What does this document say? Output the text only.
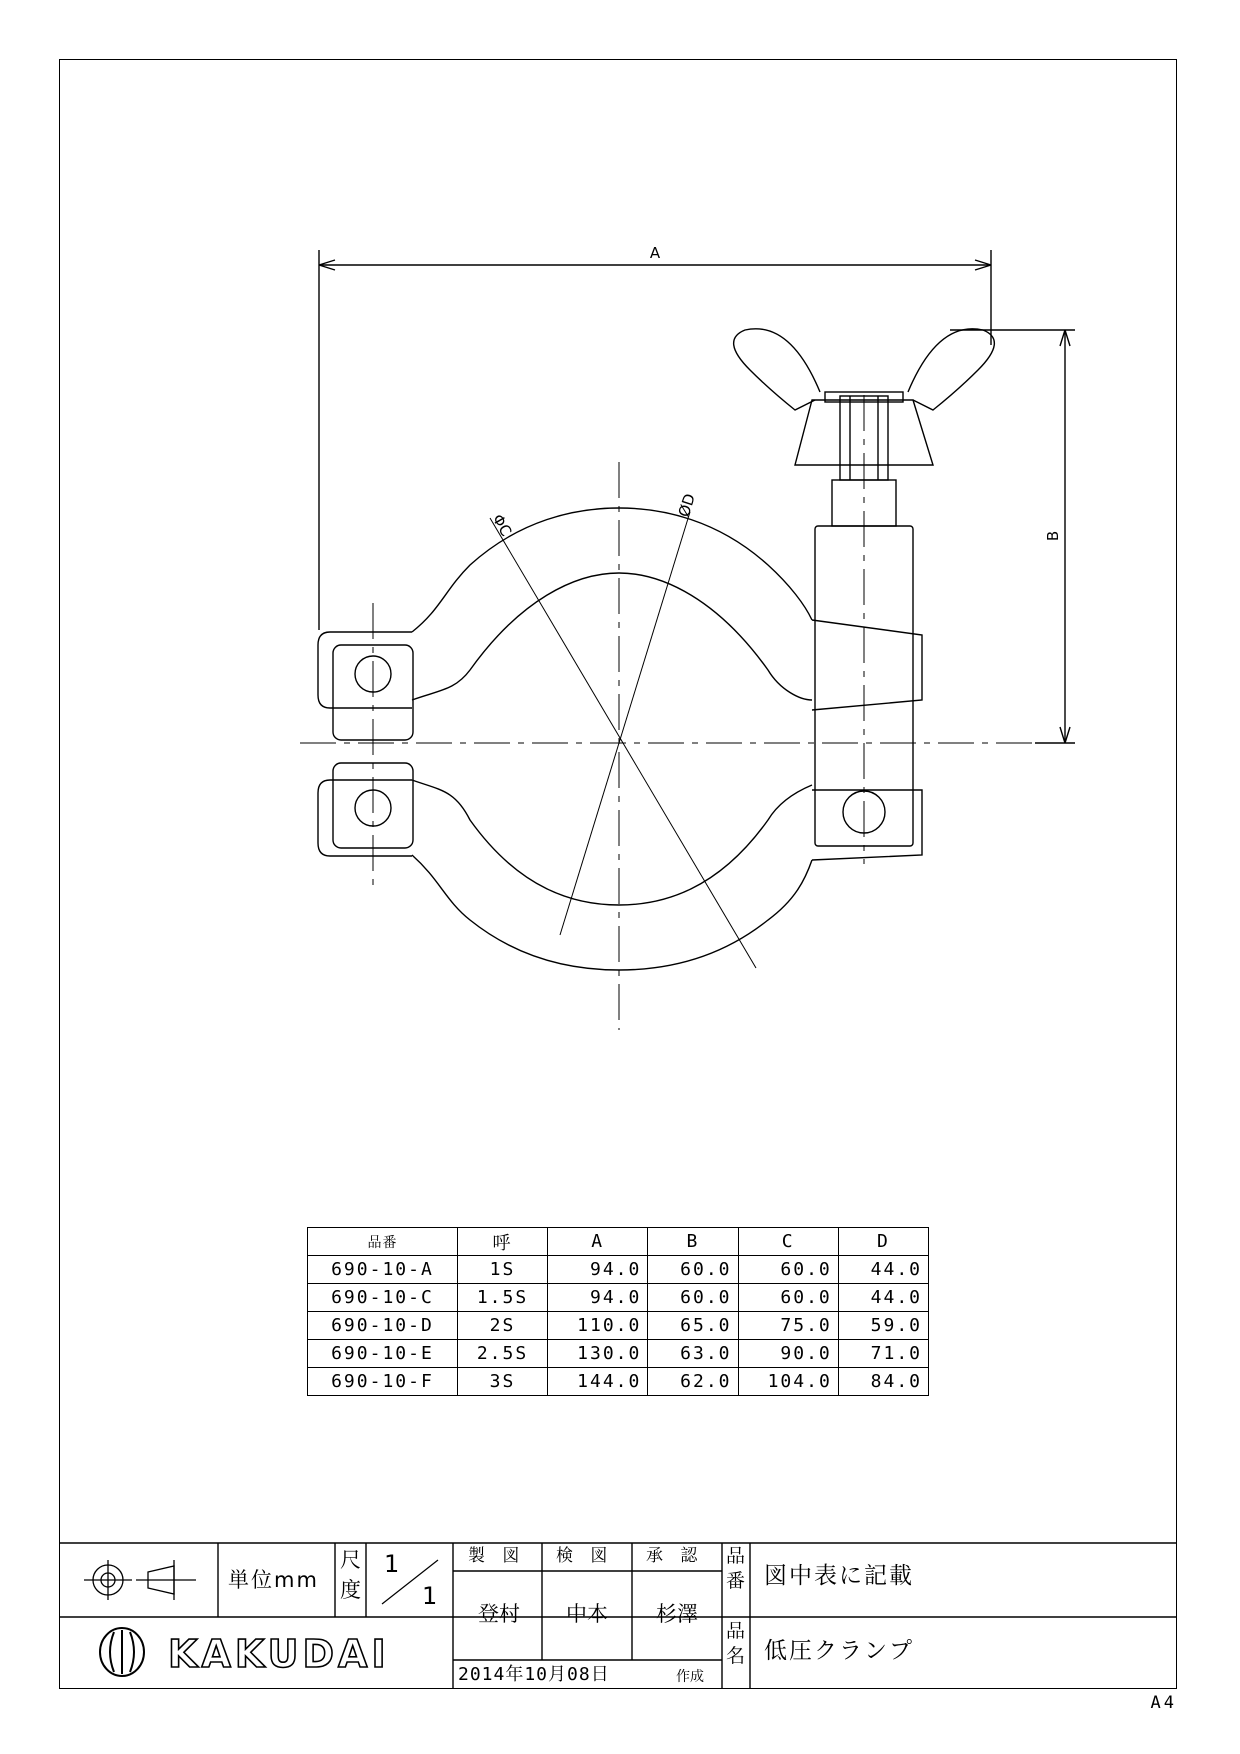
A
B
ΦC
ØD
KAKUDAI
A4
品番	呼	A	B	C	D
690-10-A	1S	94.0	60.0	60.0	44.0
690-10-C	1.5S	94.0	60.0	60.0	44.0
690-10-D	2S	110.0	65.0	75.0	59.0
690-10-E	2.5S	130.0	63.0	90.0	71.0
690-10-F	3S	144.0	62.0	104.0	84.0
単位mm
尺
度
1
1
製 図 検 図 承 認
登村 中本 杉澤
2014年10月08日	作成
品
番 図中表に記載
品
名 低圧クランプ
